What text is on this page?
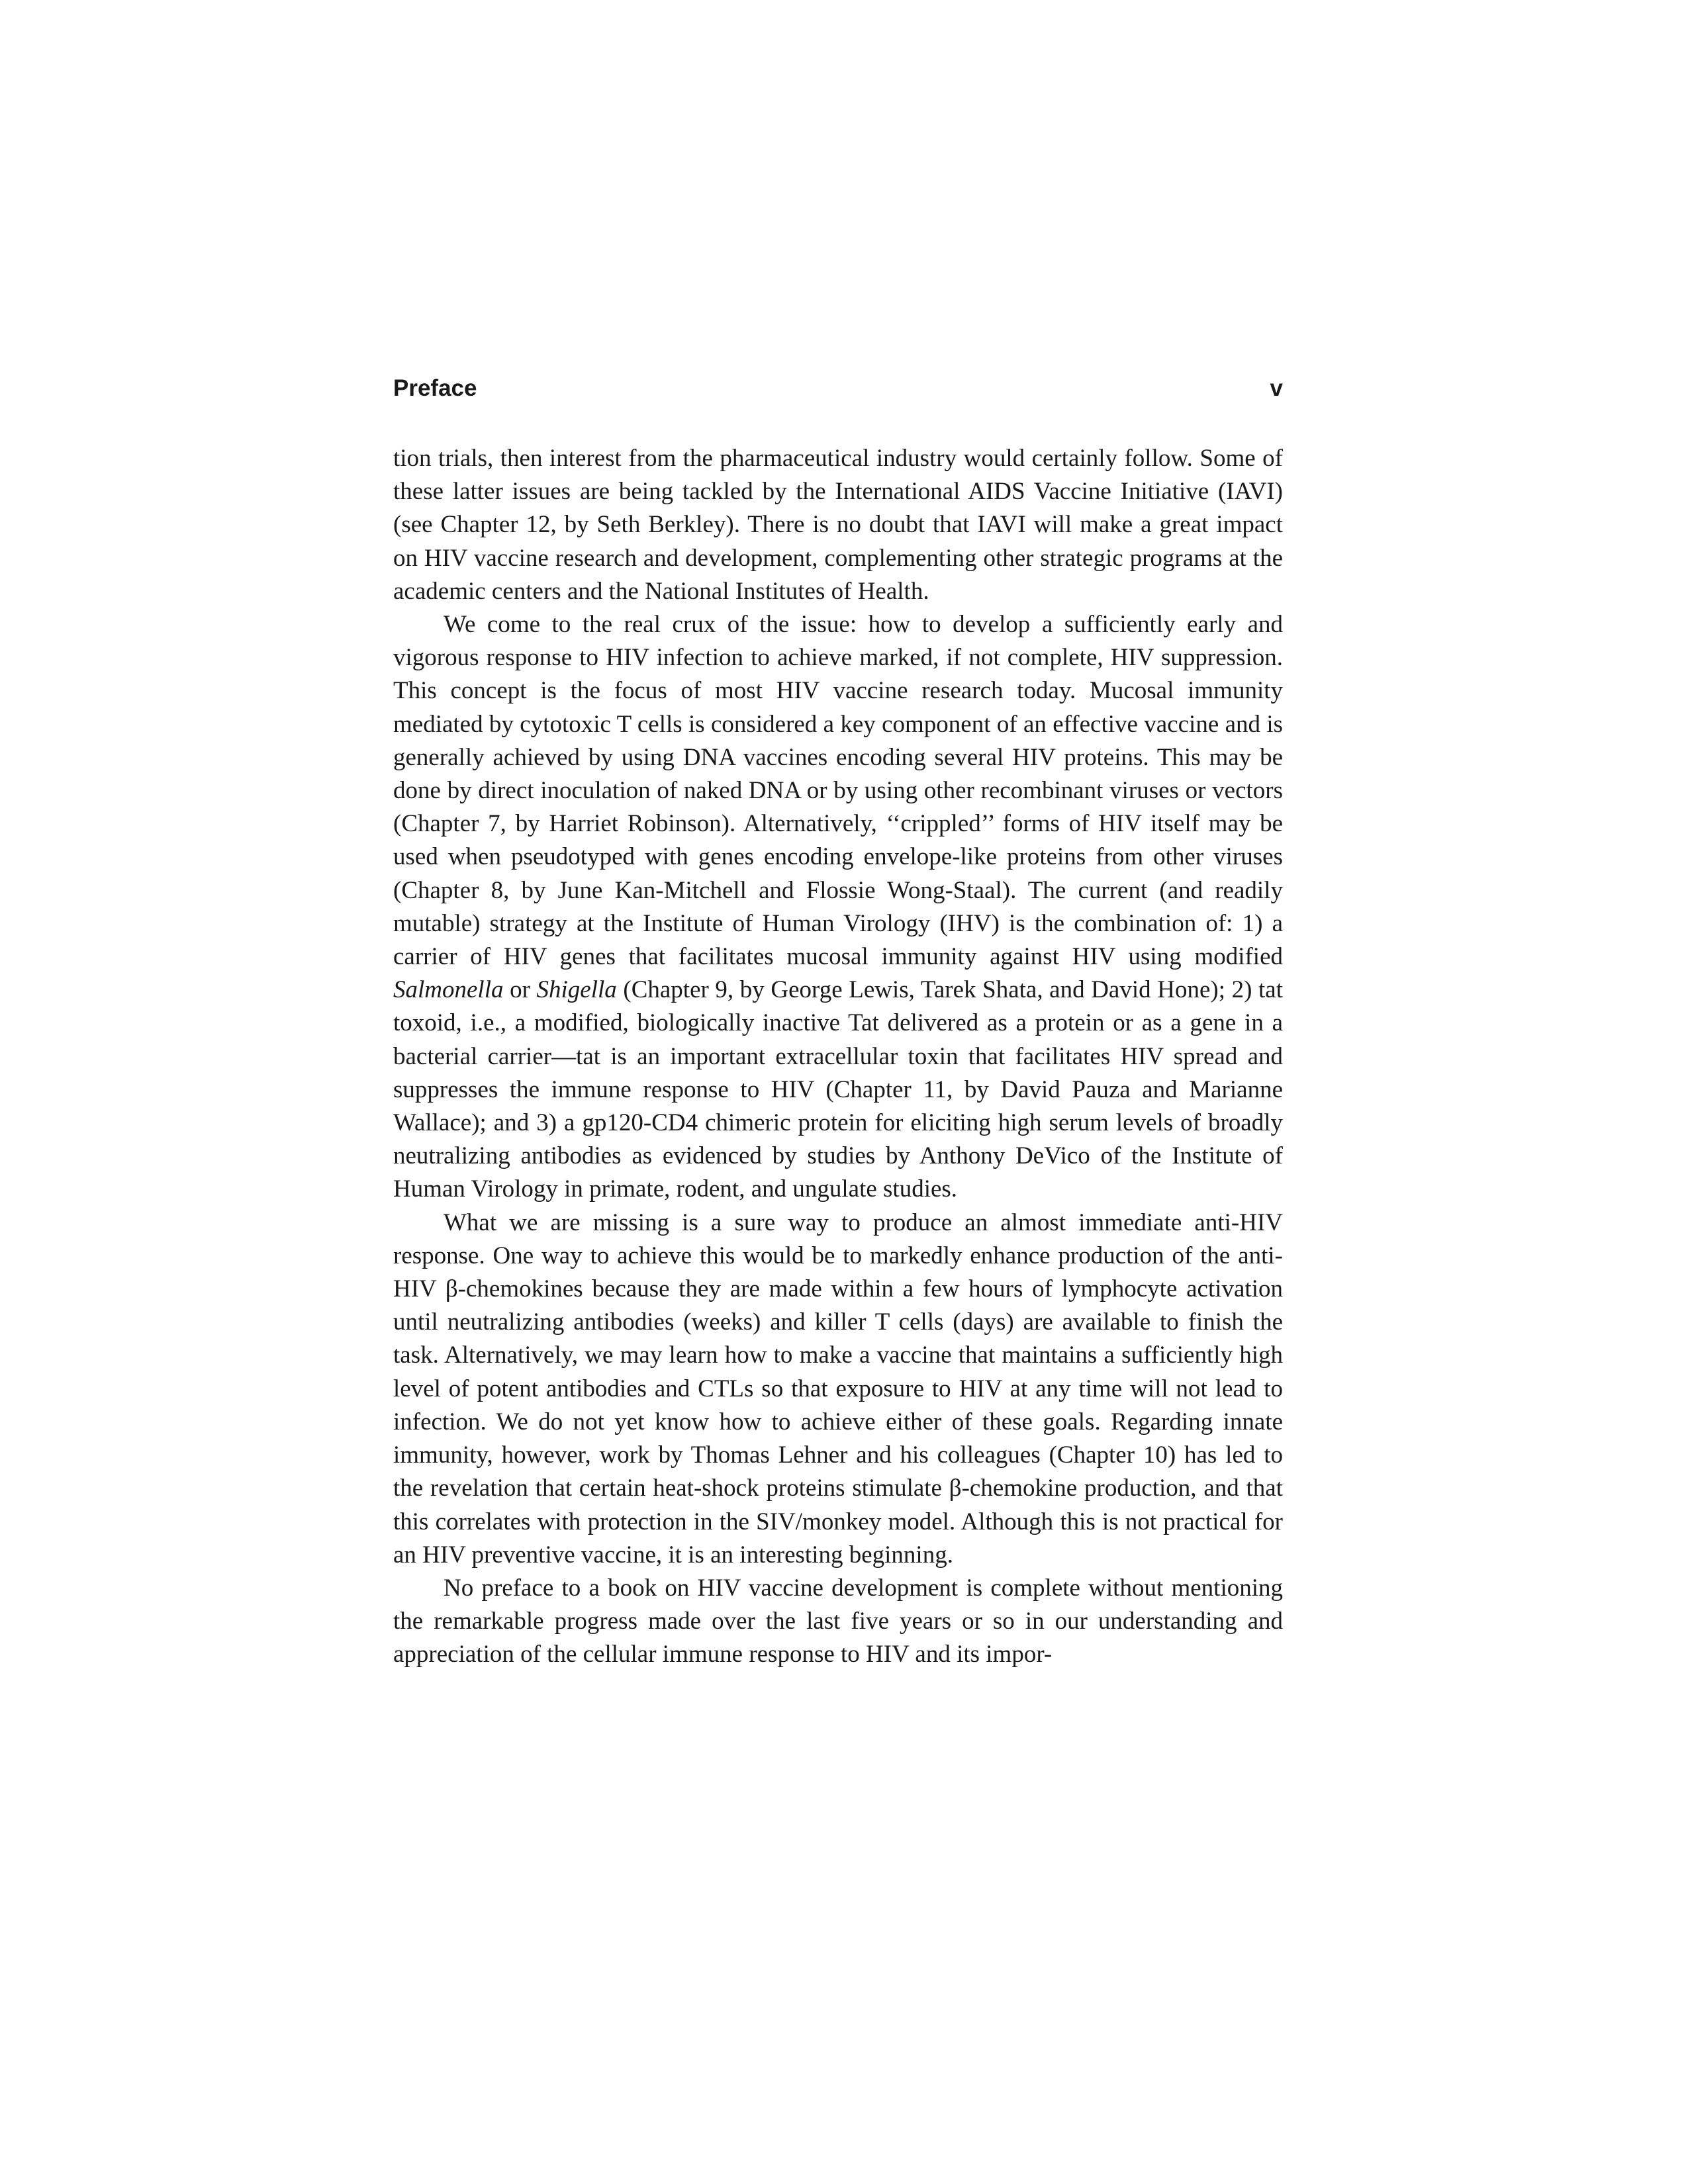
Preface	v

tion trials, then interest from the pharmaceutical industry would certainly follow. Some of these latter issues are being tackled by the International AIDS Vaccine Initiative (IAVI) (see Chapter 12, by Seth Berkley). There is no doubt that IAVI will make a great impact on HIV vaccine research and development, complementing other strategic programs at the academic centers and the National Institutes of Health.

We come to the real crux of the issue: how to develop a sufficiently early and vigorous response to HIV infection to achieve marked, if not complete, HIV suppression. This concept is the focus of most HIV vaccine research today. Mucosal immunity mediated by cytotoxic T cells is considered a key component of an effective vaccine and is generally achieved by using DNA vaccines encoding several HIV proteins. This may be done by direct inoculation of naked DNA or by using other recombinant viruses or vectors (Chapter 7, by Harriet Robinson). Alternatively, ‘‘crippled’’ forms of HIV itself may be used when pseudotyped with genes encoding envelope-like proteins from other viruses (Chapter 8, by June Kan-Mitchell and Flossie Wong-Staal). The current (and readily mutable) strategy at the Institute of Human Virology (IHV) is the combination of: 1) a carrier of HIV genes that facilitates mucosal immunity against HIV using modified Salmonella or Shigella (Chapter 9, by George Lewis, Tarek Shata, and David Hone); 2) tat toxoid, i.e., a modified, biologically inactive Tat delivered as a protein or as a gene in a bacterial carrier—tat is an important extracellular toxin that facilitates HIV spread and suppresses the immune response to HIV (Chapter 11, by David Pauza and Marianne Wallace); and 3) a gp120-CD4 chimeric protein for eliciting high serum levels of broadly neutralizing antibodies as evidenced by studies by Anthony DeVico of the Institute of Human Virology in primate, rodent, and ungulate studies.

What we are missing is a sure way to produce an almost immediate anti-HIV response. One way to achieve this would be to markedly enhance production of the anti-HIV β-chemokines because they are made within a few hours of lymphocyte activation until neutralizing antibodies (weeks) and killer T cells (days) are available to finish the task. Alternatively, we may learn how to make a vaccine that maintains a sufficiently high level of potent antibodies and CTLs so that exposure to HIV at any time will not lead to infection. We do not yet know how to achieve either of these goals. Regarding innate immunity, however, work by Thomas Lehner and his colleagues (Chapter 10) has led to the revelation that certain heat-shock proteins stimulate β-chemokine production, and that this correlates with protection in the SIV/monkey model. Although this is not practical for an HIV preventive vaccine, it is an interesting beginning.

No preface to a book on HIV vaccine development is complete without mentioning the remarkable progress made over the last five years or so in our understanding and appreciation of the cellular immune response to HIV and its impor-
